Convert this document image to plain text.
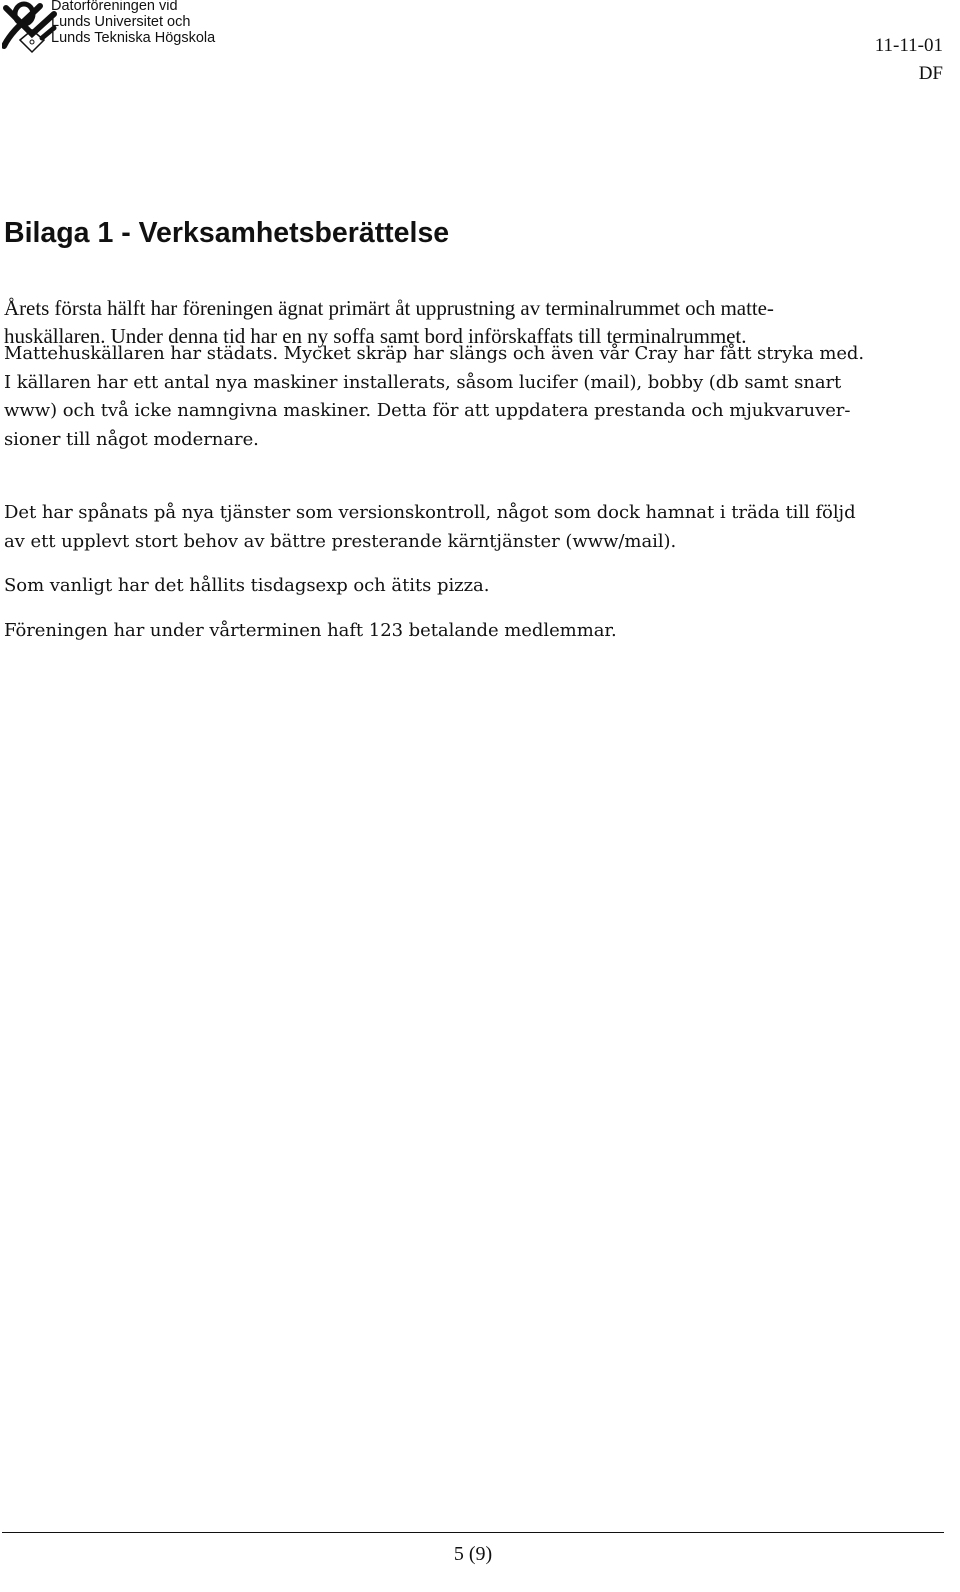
Datorföreningen vid
Lunds Universitet och
Lunds Tekniska Högskola	11-11-01
DF
Bilaga 1 - Verksamhetsberättelse

Årets första hälft har föreningen ägnat primärt åt upprustning av terminalrummet och matte-
huskällaren. Under denna tid har en ny soffa samt bord införskaffats till terminalrummet.

Mattehuskällaren har städats. Mycket skräp har slängs och även vår Cray har fått stryka med.
I källaren har ett antal nya maskiner installerats, såsom lucifer (mail), bobby (db samt snart
www) och två icke namngivna maskiner. Detta för att uppdatera prestanda och mjukvaruver-
sioner till något modernare.

Det har spånats på nya tjänster som versionskontroll, något som dock hamnat i träda till följd
av ett upplevt stort behov av bättre presterande kärntjänster (www/mail).

Som vanligt har det hållits tisdagsexp och ätits pizza.

Föreningen har under vårterminen haft 123 betalande medlemmar.

5 (9)
